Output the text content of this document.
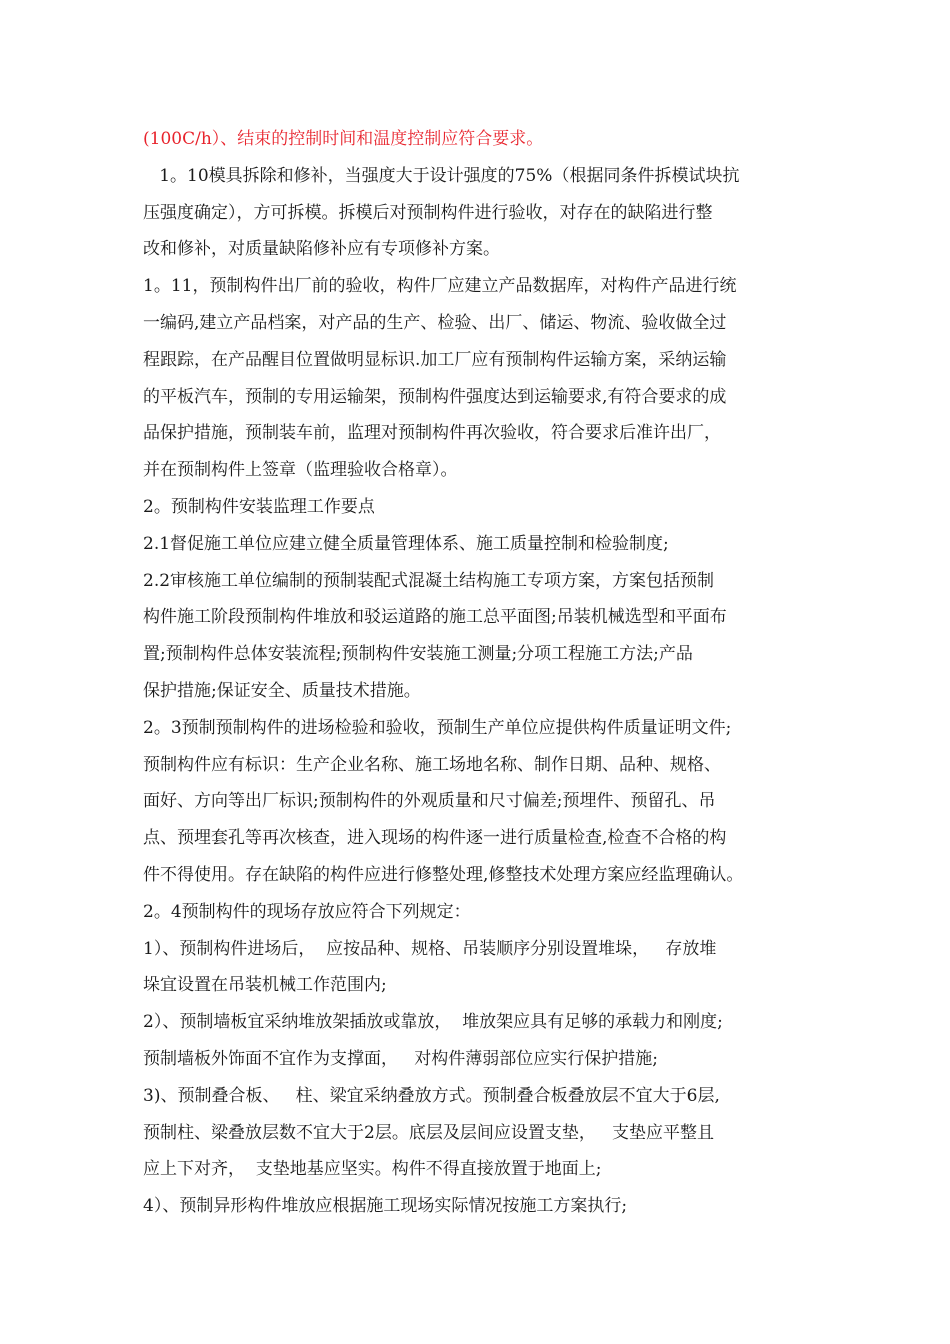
(100C/h）、结束的控制时间和温度控制应符合要求。
1。10模具拆除和修补，当强度大于设计强度的75%（根据同条件拆模试块抗
压强度确定），方可拆模。拆模后对预制构件进行验收，对存在的缺陷进行整
改和修补，对质量缺陷修补应有专项修补方案。
1。11，预制构件出厂前的验收，构件厂应建立产品数据库，对构件产品进行统
一编码,建立产品档案，对产品的生产、检验、出厂、储运、物流、验收做全过
程跟踪，在产品醒目位置做明显标识.加工厂应有预制构件运输方案，采纳运输
的平板汽车，预制的专用运输架，预制构件强度达到运输要求,有符合要求的成
品保护措施，预制装车前，监理对预制构件再次验收，符合要求后准许出厂，
并在预制构件上签章（监理验收合格章）。
2。预制构件安装监理工作要点
2.1督促施工单位应建立健全质量管理体系、施工质量控制和检验制度;
2.2审核施工单位编制的预制装配式混凝土结构施工专项方案，方案包括预制
构件施工阶段预制构件堆放和驳运道路的施工总平面图;吊装机械选型和平面布
置;预制构件总体安装流程;预制构件安装施工测量;分项工程施工方法;产品
保护措施;保证安全、质量技术措施。
2。3预制预制构件的进场检验和验收，预制生产单位应提供构件质量证明文件;
预制构件应有标识：生产企业名称、施工场地名称、制作日期、品种、规格、
面好、方向等出厂标识;预制构件的外观质量和尺寸偏差;预埋件、预留孔、吊
点、预埋套孔等再次核查，进入现场的构件逐一进行质量检查,检查不合格的构
件不得使用。存在缺陷的构件应进行修整处理,修整技术处理方案应经监理确认。
2。4预制构件的现场存放应符合下列规定：
1）、预制构件进场后，  应按品种、规格、吊装顺序分别设置堆垛，   存放堆
垛宜设置在吊装机械工作范围内;
2）、预制墙板宜采纳堆放架插放或靠放，  堆放架应具有足够的承载力和刚度;
预制墙板外饰面不宜作为支撑面，   对构件薄弱部位应实行保护措施;
3)、预制叠合板、   柱、梁宜采纳叠放方式。预制叠合板叠放层不宜大于6层,
预制柱、梁叠放层数不宜大于2层。底层及层间应设置支垫，   支垫应平整且
应上下对齐，  支垫地基应坚实。构件不得直接放置于地面上;
4）、预制异形构件堆放应根据施工现场实际情况按施工方案执行;
